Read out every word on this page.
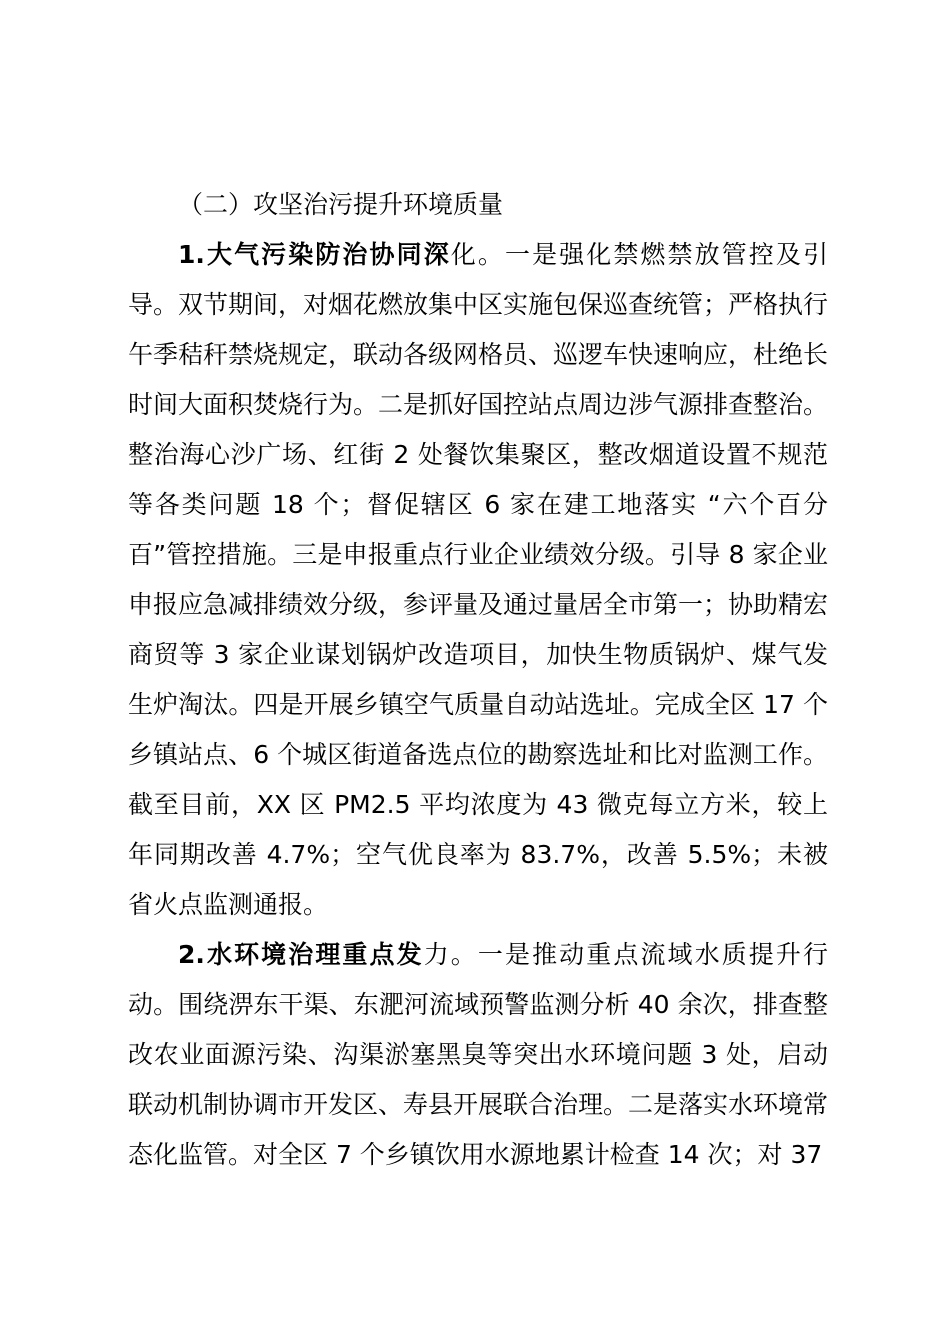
（二）攻坚治污提升环境质量

1.大气污染防治协同深化。一是强化禁燃禁放管控及引导。双节期间，对烟花燃放集中区实施包保巡查统管；严格执行午季秸秆禁烧规定，联动各级网格员、巡逻车快速响应，杜绝长时间大面积焚烧行为。二是抓好国控站点周边涉气源排查整治。整治海心沙广场、红街 2 处餐饮集聚区，整改烟道设置不规范等各类问题 18 个；督促辖区 6 家在建工地落实 “六个百分百”管控措施。三是申报重点行业企业绩效分级。引导 8 家企业申报应急减排绩效分级，参评量及通过量居全市第一；协助精宏商贸等 3 家企业谋划锅炉改造项目，加快生物质锅炉、煤气发生炉淘汰。四是开展乡镇空气质量自动站选址。完成全区 17 个乡镇站点、6 个城区街道备选点位的勘察选址和比对监测工作。截至目前，XX 区 PM2.5 平均浓度为 43 微克每立方米，较上年同期改善 4.7%；空气优良率为 83.7%，改善 5.5%；未被省火点监测通报。

2.水环境治理重点发力。一是推动重点流域水质提升行动。围绕淠东干渠、东淝河流域预警监测分析 40 余次，排查整改农业面源污染、沟渠淤塞黑臭等突出水环境问题 3 处，启动联动机制协调市开发区、寿县开展联合治理。二是落实水环境常态化监管。对全区 7 个乡镇饮用水源地累计检查 14 次；对 37
